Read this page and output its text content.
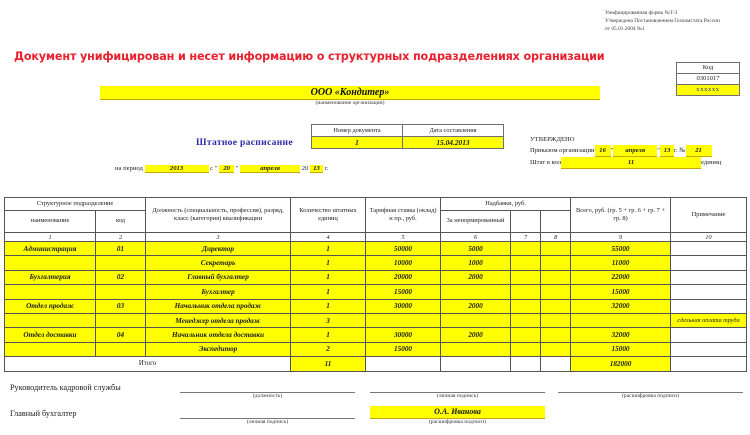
Унифицированная форма №Т-3
Утверждена Постановлением Госкомстата России
от 05.01.2004 №1
Документ унифицирован и несет информацию о структурных подразделениях организации
Код
0301017
хххххх
ООО «Кондитер»
(наименование организации)
Штатное расписание
Номер документа	Дата составления
1	15.04.2013
на период	2013	с " 20 "	апреля	20 13 г.
УТВЕРЖДЕНО
Приказом организации 16 "	апреля	" 13 г. №	21
Штат в кол	11	единиц
Структурное подразделение		Должность (специальность, профессия), разряд, класс (категория) квалификации	Количество штатных единиц	Тарифная ставка (оклад) и пр., руб.	Надбавки, руб.			Всего, руб. (гр. 5 + гр. 6 + гр. 7 + гр. 8)	Примечание
наименование	код				За ненормированный				
1	2	3	4	5	6	7	8	9	10
Администрация	01	Директор	1	50000	5000			55000	
		Секретарь	1	10000	1000			11000	
Бухгалтерия	02	Главный бухгалтер	1	20000	2000			22000	
		Бухгалтер	1	15000				15000	
Отдел продаж	03	Начальник отдела продаж	1	30000	2000			32000	
		Менеджер отдела продаж	3						сдельная оплата труда
Отдел доставки	04	Начальник отдела доставки	1	30000	2000			32000	
		Экспедитор	2	15000				15000	
Итого			11					182000	
Руководитель кадровой службы
(должность)	(личная подпись)	(расшифровка подписи)
Главный бухгалтер
(личная подпись)
О.А. Иванова
(расшифровка подписи)
